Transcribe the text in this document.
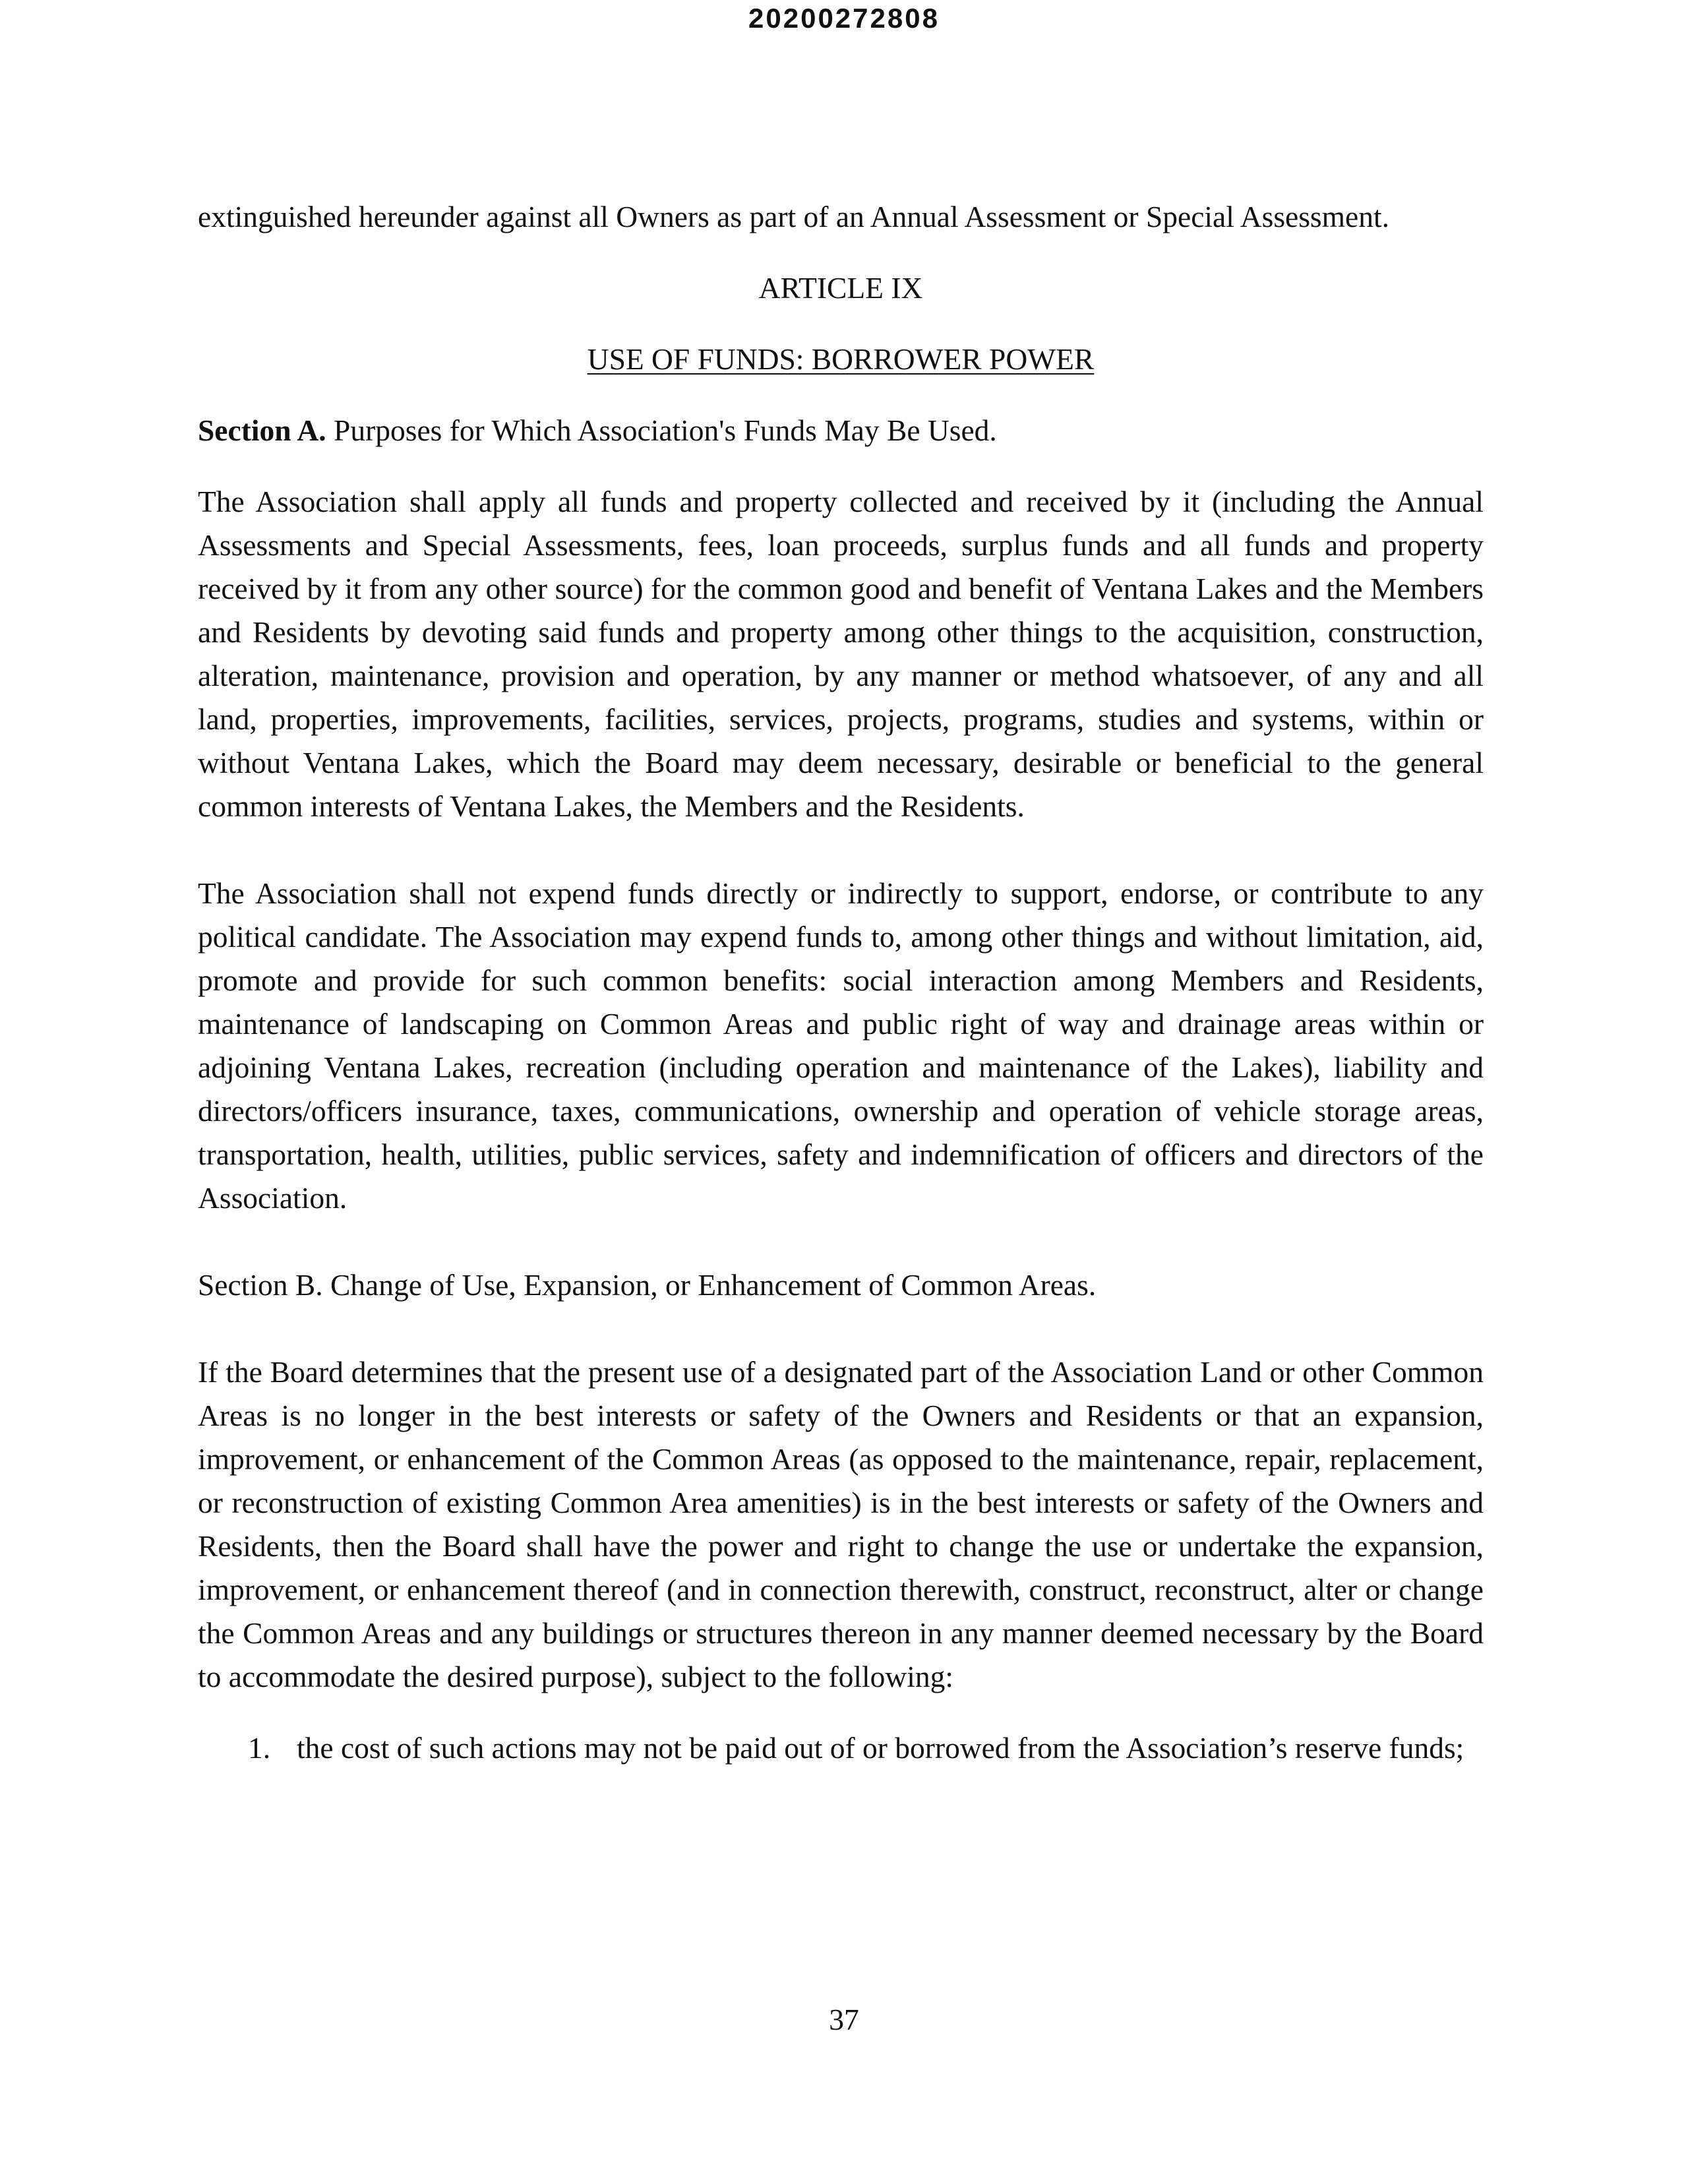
20200272808

extinguished hereunder against all Owners as part of an Annual Assessment or Special Assessment.

ARTICLE IX

USE OF FUNDS: BORROWER POWER

Section A. Purposes for Which Association's Funds May Be Used.

The Association shall apply all funds and property collected and received by it (including the Annual Assessments and Special Assessments, fees, loan proceeds, surplus funds and all funds and property received by it from any other source) for the common good and benefit of Ventana Lakes and the Members and Residents by devoting said funds and property among other things to the acquisition, construction, alteration, maintenance, provision and operation, by any manner or method whatsoever, of any and all land, properties, improvements, facilities, services, projects, programs, studies and systems, within or without Ventana Lakes, which the Board may deem necessary, desirable or beneficial to the general common interests of Ventana Lakes, the Members and the Residents.

The Association shall not expend funds directly or indirectly to support, endorse, or contribute to any political candidate. The Association may expend funds to, among other things and without limitation, aid, promote and provide for such common benefits: social interaction among Members and Residents, maintenance of landscaping on Common Areas and public right of way and drainage areas within or adjoining Ventana Lakes, recreation (including operation and maintenance of the Lakes), liability and directors/officers insurance, taxes, communications, ownership and operation of vehicle storage areas, transportation, health, utilities, public services, safety and indemnification of officers and directors of the Association.

Section B. Change of Use, Expansion, or Enhancement of Common Areas.

If the Board determines that the present use of a designated part of the Association Land or other Common Areas is no longer in the best interests or safety of the Owners and Residents or that an expansion, improvement, or enhancement of the Common Areas (as opposed to the maintenance, repair, replacement, or reconstruction of existing Common Area amenities) is in the best interests or safety of the Owners and Residents, then the Board shall have the power and right to change the use or undertake the expansion, improvement, or enhancement thereof (and in connection therewith, construct, reconstruct, alter or change the Common Areas and any buildings or structures thereon in any manner deemed necessary by the Board to accommodate the desired purpose), subject to the following:

1. the cost of such actions may not be paid out of or borrowed from the Association’s reserve funds;

37
